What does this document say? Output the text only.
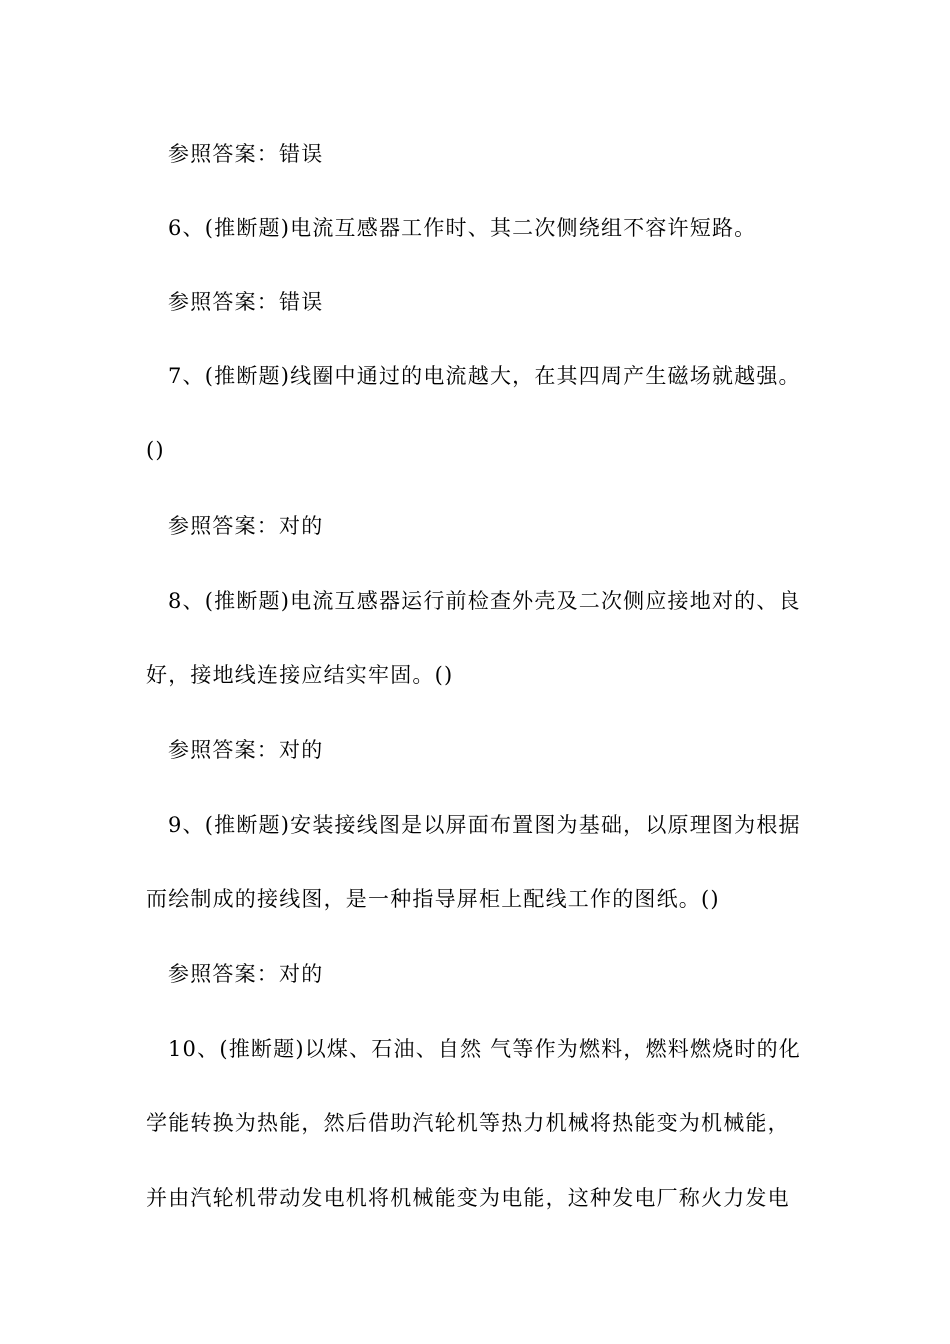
参照答案：错误
6、(推断题)电流互感器工作时、其二次侧绕组不容许短路。
参照答案：错误
7、(推断题)线圈中通过的电流越大，在其四周产生磁场就越强。
()
参照答案：对的
8、(推断题)电流互感器运行前检查外壳及二次侧应接地对的、良
好，接地线连接应结实牢固。()
参照答案：对的
9、(推断题)安装接线图是以屏面布置图为基础，以原理图为根据
而绘制成的接线图，是一种指导屏柜上配线工作的图纸。()
参照答案：对的
10、(推断题)以煤、石油、自然 气等作为燃料，燃料燃烧时的化
学能转换为热能，然后借助汽轮机等热力机械将热能变为机械能，
并由汽轮机带动发电机将机械能变为电能，这种发电厂称火力发电
